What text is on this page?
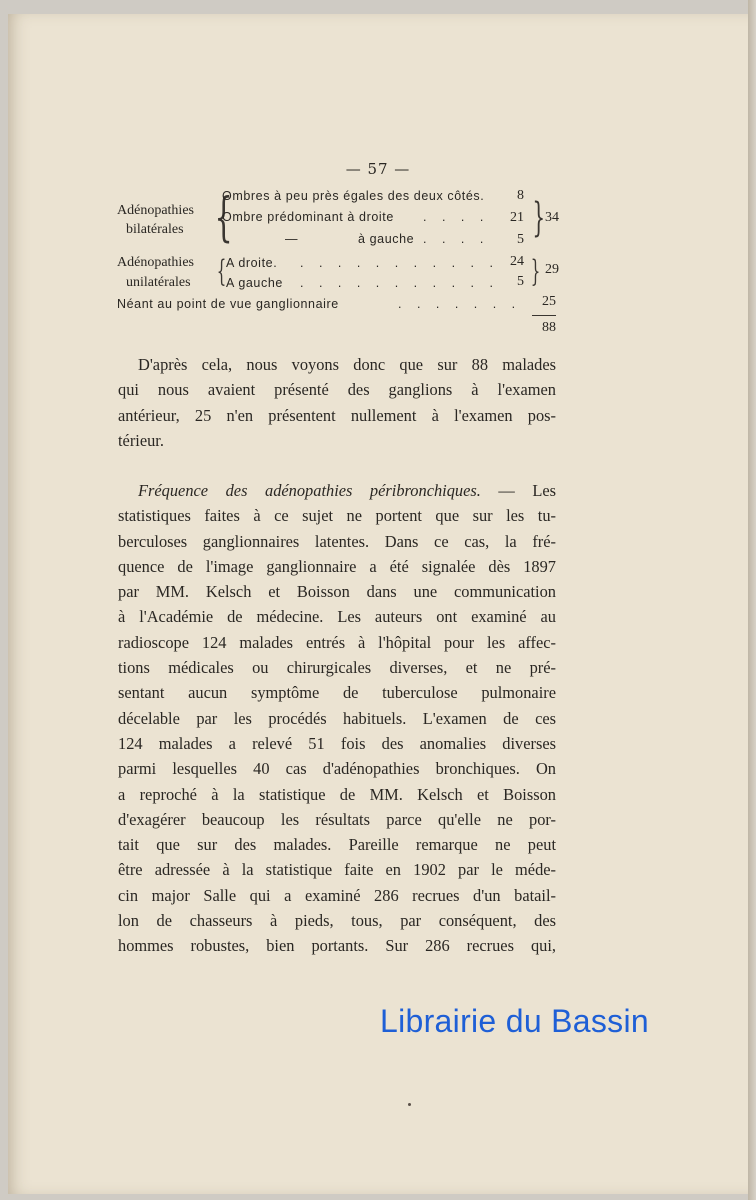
— 57 —
Adénopathies
bilatérales {
Ombres à peu près égales des deux côtés.	8
Ombre prédominant à droite . . . .	21
—	à gauche . . . .	5 } 34
Adénopathies
unilatérales { A droite. . . . . . . . . . . . 24
A gauche . . . . . . . . . . .	5 } 29
Néant au point de vue ganglionnaire	. . . . . . .	25
88
D'après cela, nous voyons donc que sur 88 malades
qui nous avaient présenté des ganglions à l'examen
antérieur, 25 n'en présentent nullement à l'examen pos-
térieur.
Fréquence des adénopathies péribronchiques. — Les
statistiques faites à ce sujet ne portent que sur les tu-
berculoses ganglionnaires latentes. Dans ce cas, la fré-
quence de l'image ganglionnaire a été signalée dès 1897
par MM. Kelsch et Boisson dans une communication
à l'Académie de médecine. Les auteurs ont examiné au
radioscope 124 malades entrés à l'hôpital pour les affec-
tions médicales ou chirurgicales diverses, et ne pré-
sentant aucun symptôme de tuberculose pulmonaire
décelable par les procédés habituels. L'examen de ces
124 malades a relevé 51 fois des anomalies diverses
parmi lesquelles 40 cas d'adénopathies bronchiques. On
a reproché à la statistique de MM. Kelsch et Boisson
d'exagérer beaucoup les résultats parce qu'elle ne por-
tait que sur des malades. Pareille remarque ne peut
être adressée à la statistique faite en 1902 par le méde-
cin major Salle qui a examiné 286 recrues d'un batail-
lon de chasseurs à pieds, tous, par conséquent, des
hommes robustes, bien portants. Sur 286 recrues qui,
Librairie du Bassin
